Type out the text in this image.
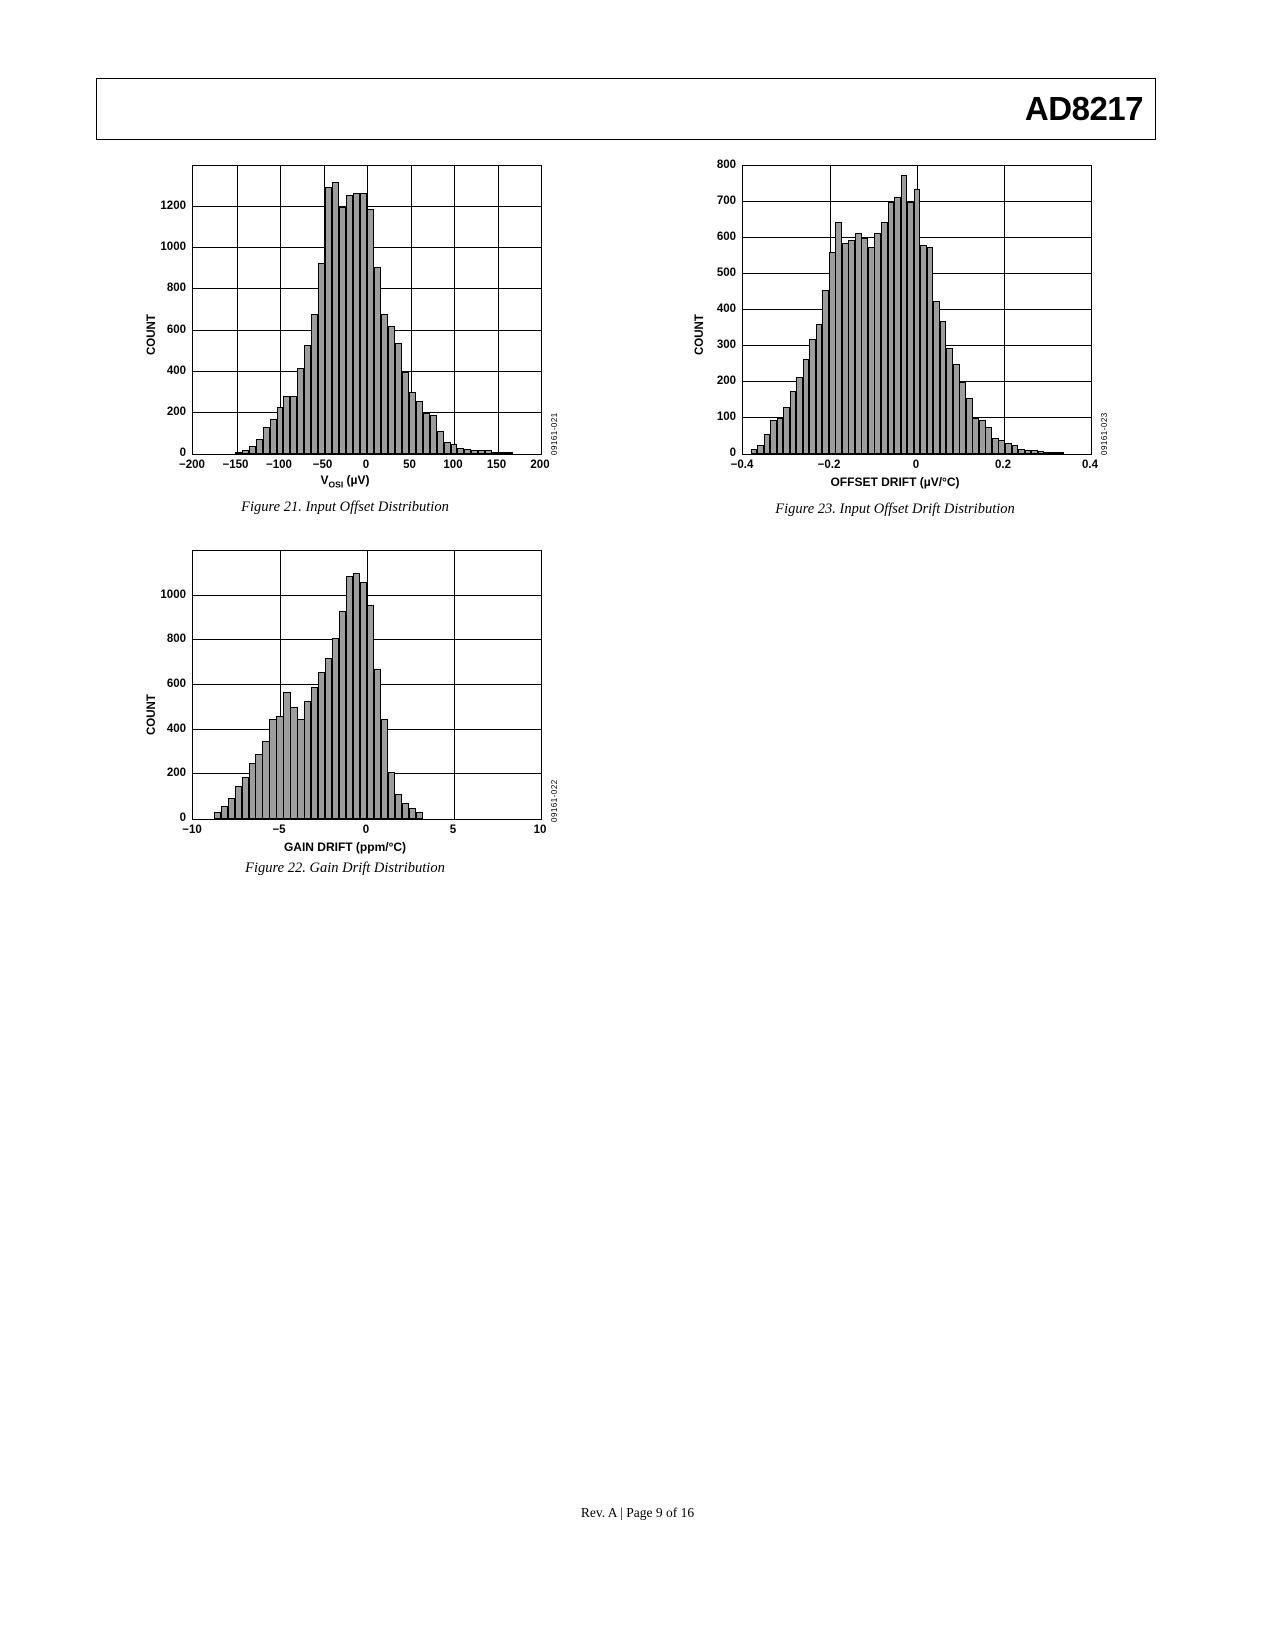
AD8217
COUNT
09161-021
$V_{OSI}$ (µV)
0
200
400
600
800
1000
1200
−200 −150 −100 −50	0	50 100 150 200
Figure 21. Input Offset Distribution
COUNT
09161-022
GAIN DRIFT (ppm/°C)
0
200
400
600
800
1000
−10	−5	0	5	10
Figure 22. Gain Drift Distribution
COUNT
09161-023
OFFSET DRIFT (µV/°C)
0
100
200
300
400
500
600
700
800
−0.4	−0.2	0	0.2	0.4
Figure 23. Input Offset Drift Distribution
Rev. A | Page 9 of 16
